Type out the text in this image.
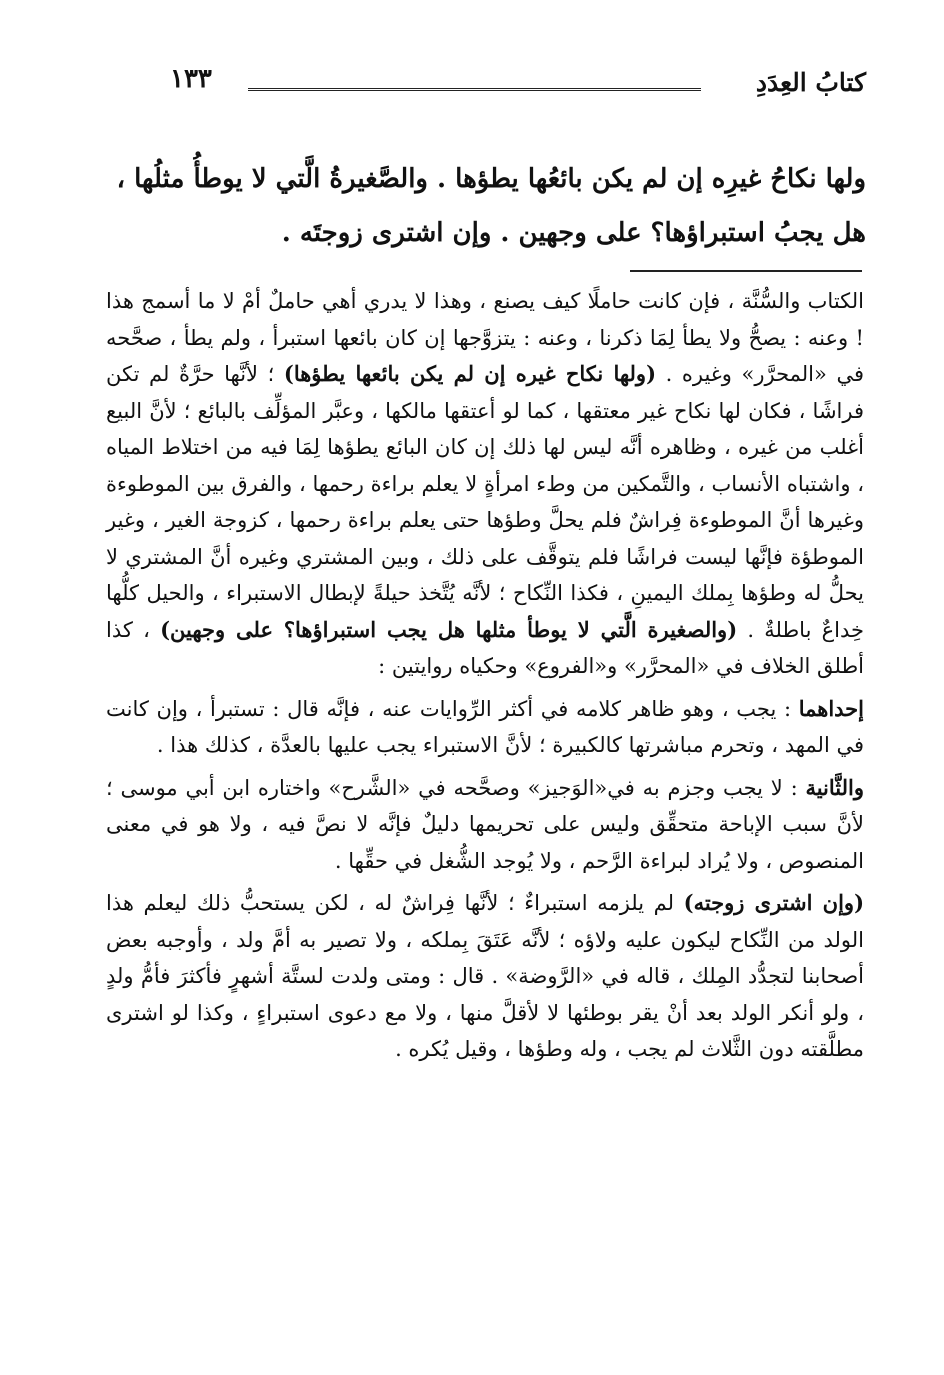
كتابُ العِدَدِ
١٣٣

ولها نكاحُ غيرِه إن لم يكن بائعُها يطؤها . والصَّغيرةُ الَّتي لا يوطأُ مثلُها ،

هل يجبُ استبراؤها؟ على وجهين . وإن اشترى زوجتَه .

الكتاب والسُّنَّة ، فإن كانت حاملًا كيف يصنع ، وهذا لا يدري أهي حاملٌ أمْ لا ما أسمج هذا ! وعنه : يصحُّ ولا يطأ لِمَا ذكرنا ، وعنه : يتزوَّجها إن كان بائعها استبرأ ، ولم يطأ ، صحَّحه في «المحرَّر» وغيره . (ولها نكاح غيره إن لم يكن بائعها يطؤها) ؛ لأنَّها حرَّةٌ لم تكن فراشًا ، فكان لها نكاح غير معتقها ، كما لو أعتقها مالكها ، وعبَّر المؤلِّف بالبائع ؛ لأنَّ البيع أغلب من غيره ، وظاهره أنَّه ليس لها ذلك إن كان البائع يطؤها لِمَا فيه من اختلاط المياه ، واشتباه الأنساب ، والتَّمكين من وطء امرأةٍ لا يعلم براءة رحمها ، والفرق بين الموطوءة وغيرها أنَّ الموطوءة فِراشٌ فلم يحلَّ وطؤها حتى يعلم براءة رحمها ، كزوجة الغير ، وغير الموطؤة فإنَّها ليست فراشًا فلم يتوقَّف على ذلك ، وبين المشتري وغيره أنَّ المشتري لا يحلُّ له وطؤها بِملك اليمينِ ، فكذا النِّكاح ؛ لأنَّه يُتَّخذ حيلةً لإبطال الاستبراء ، والحيل كلُّها خِداعٌ باطلةٌ . (والصغيرة الَّتي لا يوطأ مثلها هل يجب استبراؤها؟ على وجهين) ، كذا أطلق الخلاف في «المحرَّر» و«الفروع» وحكياه روايتين :

إحداهما : يجب ، وهو ظاهر كلامه في أكثر الرِّوايات عنه ، فإنَّه قال : تستبرأ ، وإن كانت في المهد ، وتحرم مباشرتها كالكبيرة ؛ لأنَّ الاستبراء يجب عليها بالعدَّة ، كذلك هذا .

والثَّانية : لا يجب وجزم به في«الوَجيز» وصحَّحه في «الشَّرح» واختاره ابن أبي موسى ؛ لأنَّ سبب الإباحة متحقِّق وليس على تحريمها دليلٌ فإنَّه لا نصَّ فيه ، ولا هو في معنى المنصوص ، ولا يُراد لبراءة الرَّحم ، ولا يُوجد الشُّغل في حقِّها .

(وإن اشترى زوجته) لم يلزمه استبراءٌ ؛ لأنَّها فِراشٌ له ، لكن يستحبُّ ذلك ليعلم هذا الولد من النِّكاح ليكون عليه ولاؤه ؛ لأنَّه عَتَقَ بِملكه ، ولا تصير به أمَّ ولد ، وأوجبه بعض أصحابنا لتجدُّد المِلك ، قاله في «الرَّوضة» . قال : ومتى ولدت لستَّة أشهرٍ فأكثرَ فأمُّ ولدٍ ، ولو أنكر الولد بعد أنْ يقر بوطئها لا لأقلَّ منها ، ولا مع دعوى استبراءٍ ، وكذا لو اشترى مطلَّقته دون الثَّلاث لم يجب ، وله وطؤها ، وقيل يُكره .
